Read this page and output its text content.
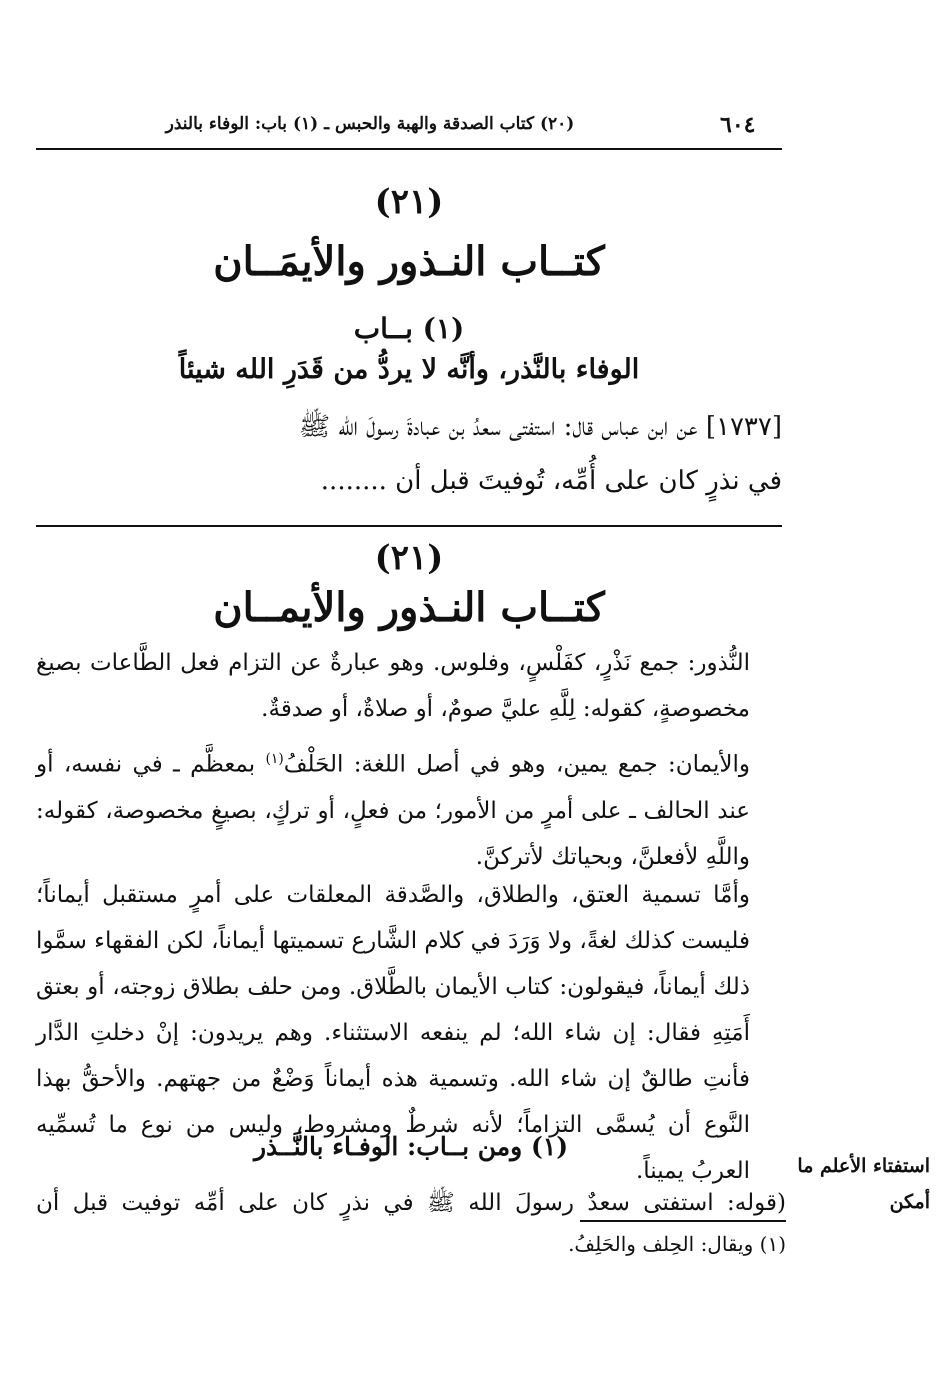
٦٠٤
(٢٠) كتاب الصدقة والهبة والحبس ـ (١) باب: الوفاء بالنذر
(٢١)
كتــاب النـذور والأيمَــان
(١) بــاب
الوفاء بالنَّذر، وأنَّه لا يردُّ من قَدَرِ الله شيئاً
[١٧٣٧] عن ابن عباس قال: استفتى سعدُ بن عبادةَ رسولَ الله ﷺ
في نذرٍ كان على أُمِّه، تُوفيتَ قبل أن ........
(٢١)
كتــاب النـذور والأيمــان
النُّذور: جمع نَذْرٍ، كفَلْسٍ، وفلوس. وهو عبارةٌ عن التزام فعل الطَّاعات بصيغ مخصوصةٍ، كقوله: لِلَّهِ عليَّ صومٌ، أو صلاةٌ، أو صدقةٌ.
والأيمان: جمع يمين، وهو في أصل اللغة: الحَلْفُ$^{(١)}$ بمعظَّم ـ في نفسه، أو عند الحالف ـ على أمرٍ من الأمور؛ من فعلٍ، أو تركٍ، بصيغٍ مخصوصة، كقوله: واللَّهِ لأفعلنَّ، وبحياتك لأتركنَّ.
وأمَّا تسمية العتق، والطلاق، والصَّدقة المعلقات على أمرٍ مستقبل أيماناً؛ فليست كذلك لغةً، ولا وَرَدَ في كلام الشَّارع تسميتها أيماناً، لكن الفقهاء سمَّوا ذلك أيماناً، فيقولون: كتاب الأيمان بالطَّلاق. ومن حلف بطلاق زوجته، أو بعتق أَمَتِهِ فقال: إن شاء الله؛ لم ينفعه الاستثناء. وهم يريدون: إنْ دخلتِ الدَّار فأنتِ طالقٌ إن شاء الله. وتسمية هذه أيماناً وَضْعٌ من جهتهم. والأحقُّ بهذا النَّوع أن يُسمَّى التزاماً؛ لأنه شرطٌ ومشروط، وليس من نوع ما تُسمِّيه العربُ يميناً.
(١) ومن بــاب: الوفـاء بالنَّــذر
(قوله: استفتى سعدٌ رسولَ الله ﷺ في نذرٍ كان على أمِّه توفيت قبل أن
استفتاء الأعلم ما أمكن
(١) ويقال: الحِلف والحَلِفُ.
